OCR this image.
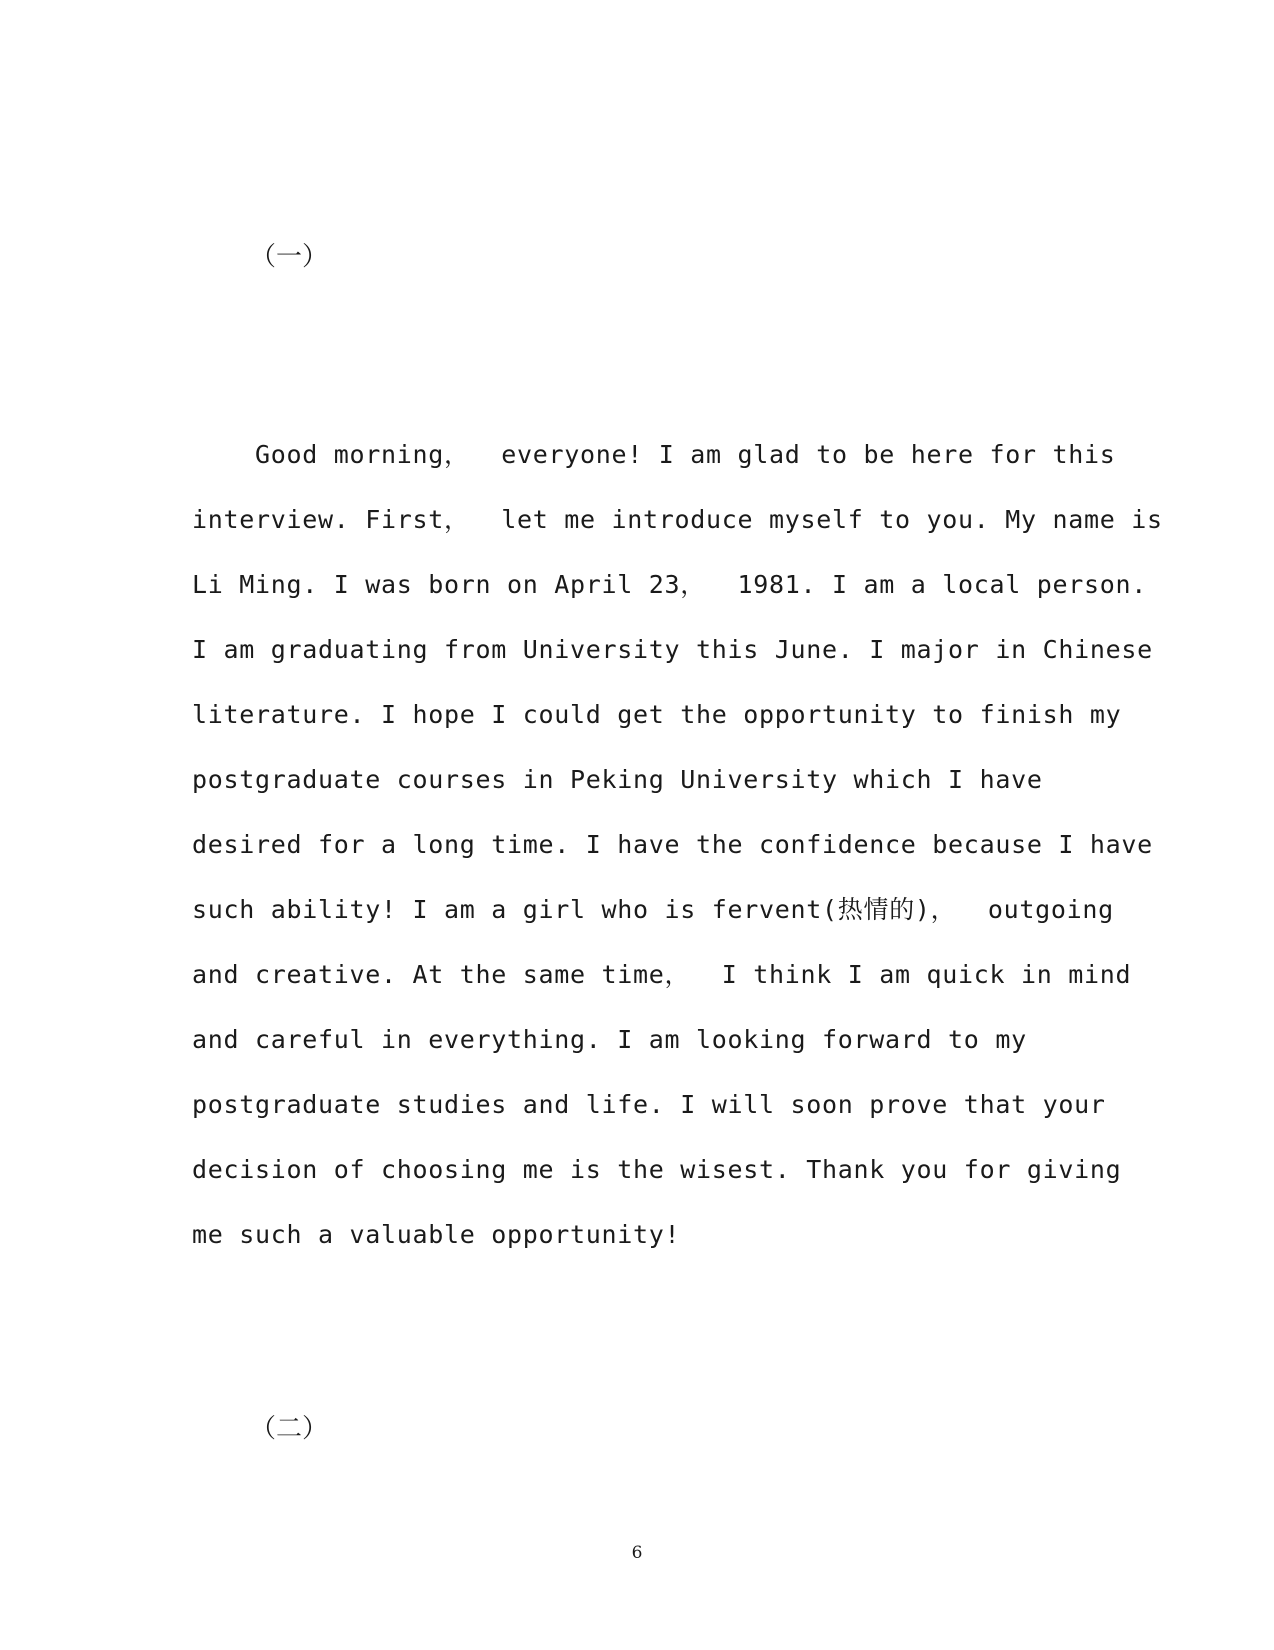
（一）
Good morning，  everyone! I am glad to be here for this
interview. First，  let me introduce myself to you. My name is
Li Ming. I was born on April 23，  1981. I am a local person.
I am graduating from University this June. I major in Chinese
literature. I hope I could get the opportunity to finish my
postgraduate courses in Peking University which I have
desired for a long time. I have the confidence because I have
such ability! I am a girl who is fervent(热情的)，  outgoing
and creative. At the same time，  I think I am quick in mind
and careful in everything. I am looking forward to my
postgraduate studies and life. I will soon prove that your
decision of choosing me is the wisest. Thank you for giving
me such a valuable opportunity!
（二）
6
